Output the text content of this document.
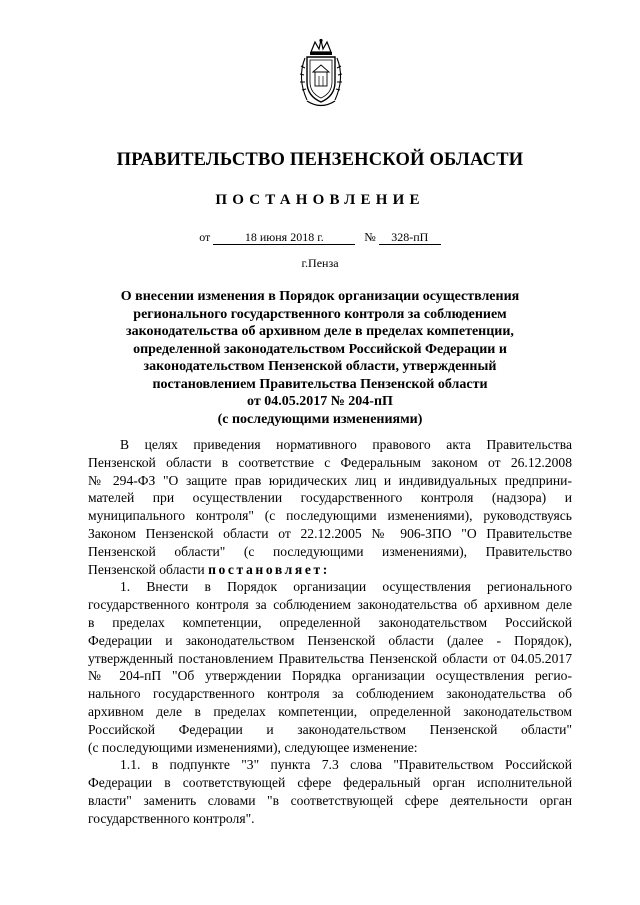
ПРАВИТЕЛЬСТВО ПЕНЗЕНСКОЙ ОБЛАСТИ
ПОСТАНОВЛЕНИЕ
от	18 июня 2018 г.	№ 328-пП
г.Пенза
О внесении изменения в Порядок организации осуществления
регионального государственного контроля за соблюдением
законодательства об архивном деле в пределах компетенции,
определенной законодательством Российской Федерации и
законодательством Пензенской области, утвержденный
постановлением Правительства Пензенской области
от 04.05.2017 № 204-пП
(с последующими изменениями)
В целях приведения нормативного правового акта Правительства
Пензенской области в соответствие с Федеральным законом от 26.12.2008
№ 294-ФЗ "О защите прав юридических лиц и индивидуальных предприни-
мателей при осуществлении государственного контроля (надзора) и
муниципального контроля" (с последующими изменениями), руководствуясь
Законом Пензенской области от 22.12.2005 № 906-ЗПО "О Правительстве
Пензенской области" (с последующими изменениями), Правительство
Пензенской области постановляет:
1. Внести в Порядок организации осуществления регионального
государственного контроля за соблюдением законодательства об архивном деле
в пределах компетенции, определенной законодательством Российской
Федерации и законодательством Пензенской области (далее - Порядок),
утвержденный постановлением Правительства Пензенской области от 04.05.2017
№ 204-пП "Об утверждении Порядка организации осуществления регио-
нального государственного контроля за соблюдением законодательства об
архивном деле в пределах компетенции, определенной законодательством
Российской Федерации и законодательством Пензенской области"
(с последующими изменениями), следующее изменение:
1.1. в подпункте "3" пункта 7.3 слова "Правительством Российской
Федерации в соответствующей сфере федеральный орган исполнительной
власти" заменить словами "в соответствующей сфере деятельности орган
государственного контроля".
